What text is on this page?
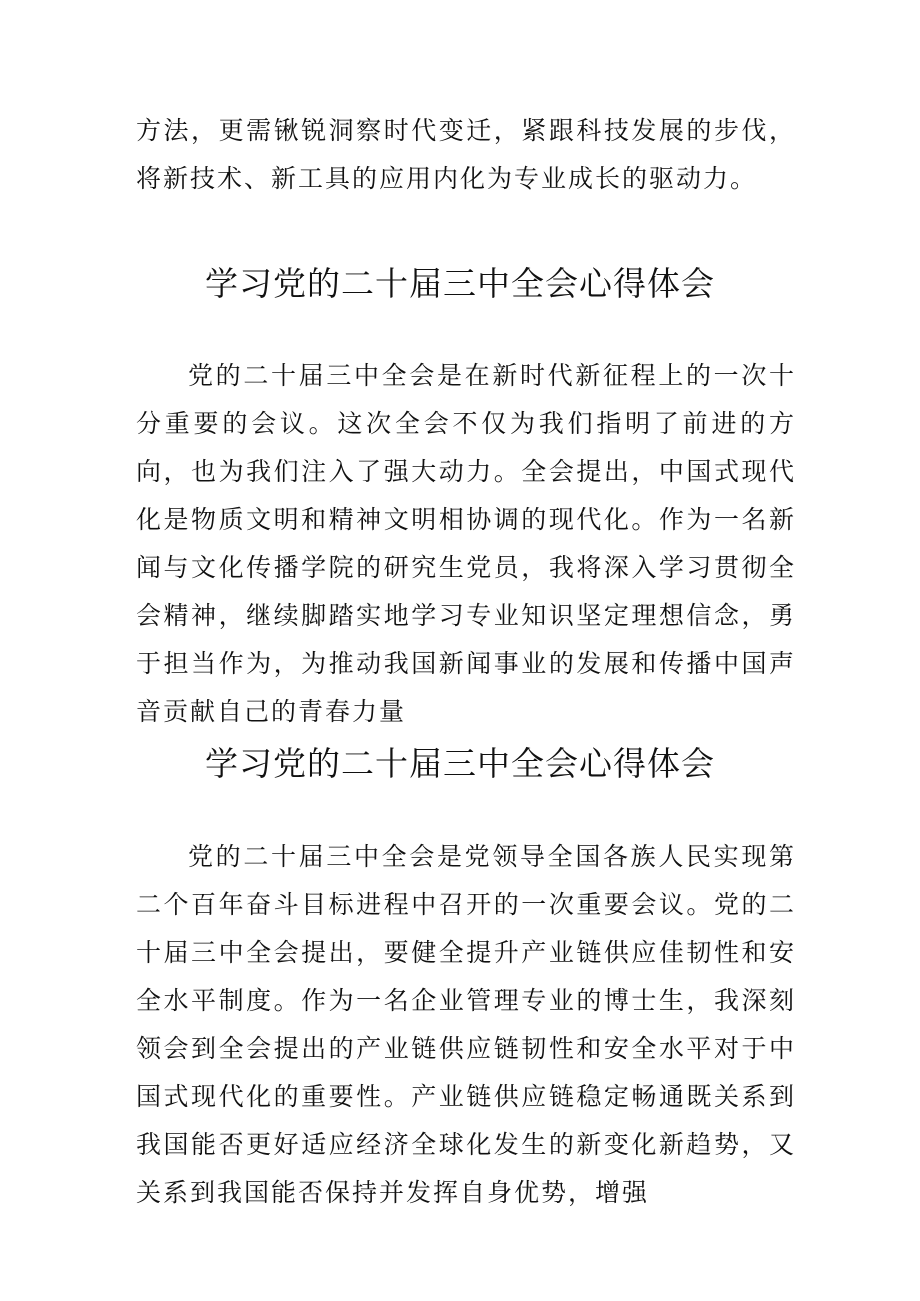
方法，更需锹锐洞察时代变迁，紧跟科技发展的步伐，将新技术、新工具的应用内化为专业成长的驱动力。

学习党的二十届三中全会心得体会

党的二十届三中全会是在新时代新征程上的一次十分重要的会议。这次全会不仅为我们指明了前进的方向，也为我们注入了强大动力。全会提出，中国式现代化是物质文明和精神文明相协调的现代化。作为一名新闻与文化传播学院的研究生党员，我将深入学习贯彻全会精神，继续脚踏实地学习专业知识坚定理想信念，勇于担当作为，为推动我国新闻事业的发展和传播中国声音贡献自己的青春力量

学习党的二十届三中全会心得体会

党的二十届三中全会是党领导全国各族人民实现第二个百年奋斗目标进程中召开的一次重要会议。党的二十届三中全会提出，要健全提升产业链供应佳韧性和安全水平制度。作为一名企业管理专业的博士生，我深刻领会到全会提出的产业链供应链韧性和安全水平对于中国式现代化的重要性。产业链供应链稳定畅通既关系到我国能否更好适应经济全球化发生的新变化新趋势，又关系到我国能否保持并发挥自身优势，增强
